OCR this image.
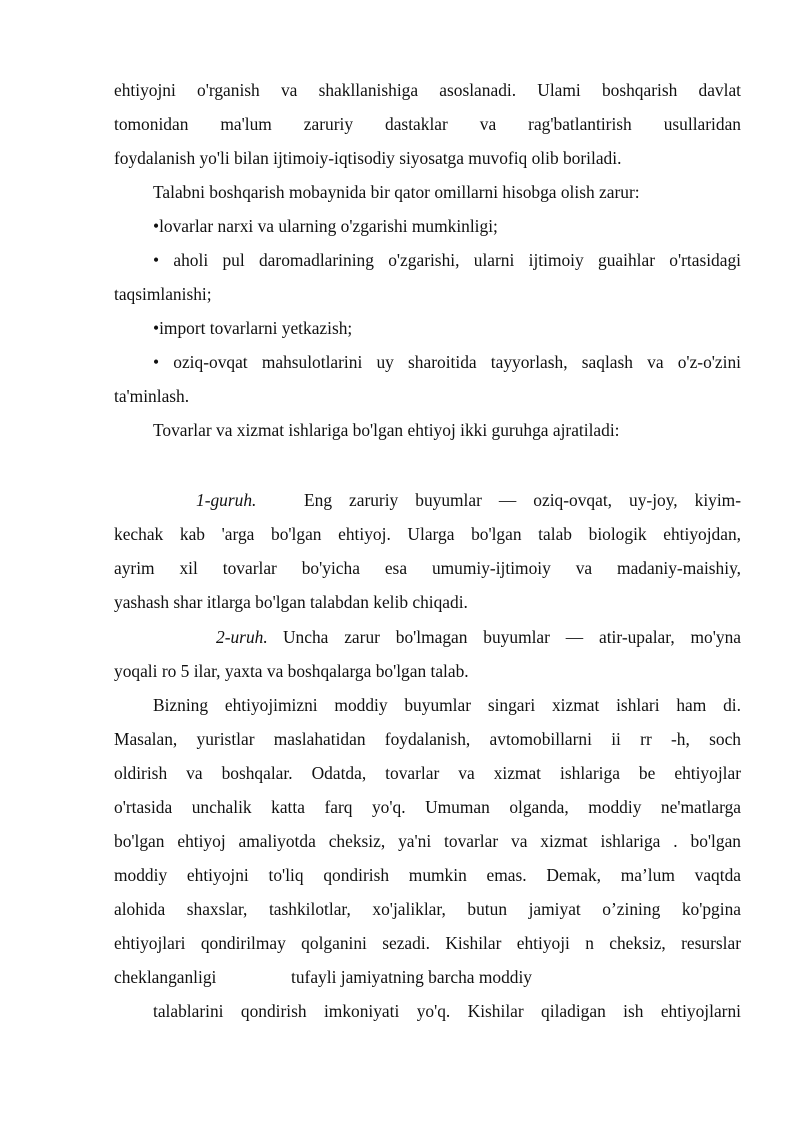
ehtiyojni o'rganish va shakllanishiga asoslanadi. Ulami boshqarish davlat
tomonidan ma'lum zaruriy dastaklar va rag'batlantirish usullaridan
foydalanish yo'li bilan ijtimoiy-iqtisodiy siyosatga muvofiq olib boriladi.
Talabni boshqarish mobaynida bir qator omillarni hisobga olish zarur:
•lovarlar narxi va ularning o'zgarishi mumkinligi;
• aholi pul daromadlarining o'zgarishi, ularni ijtimoiy guaihlar o'rtasidagi
taqsimlanishi;
•import tovarlarni yetkazish;
• oziq-ovqat mahsulotlarini uy sharoitida tayyorlash, saqlash va o'z-o'zini
ta'minlash.
Tovarlar va xizmat ishlariga bo'lgan ehtiyoj ikki guruhga ajratiladi:
1-guruh.	Eng zaruriy buyumlar — oziq-ovqat, uy-joy, kiyim-
kechak kab 'arga bo'lgan ehtiyoj. Ularga bo'lgan talab biologik ehtiyojdan,
ayrim xil tovarlar bo'yicha esa umumiy-ijtimoiy va madaniy-maishiy,
yashash shar itlarga bo'lgan talabdan kelib chiqadi.
2-uruh. Uncha zarur bo'lmagan buyumlar — atir-upalar, mo'yna
yoqali ro 5 ilar, yaxta va boshqalarga bo'lgan talab.
Bizning ehtiyojimizni moddiy buyumlar singari xizmat ishlari ham di.
Masalan, yuristlar maslahatidan foydalanish, avtomobillarni ii rr -h, soch
oldirish va boshqalar. Odatda, tovarlar va xizmat ishlariga be ehtiyojlar
o'rtasida unchalik katta farq yo'q. Umuman olganda, moddiy ne'matlarga
bo'lgan ehtiyoj amaliyotda cheksiz, ya'ni tovarlar va xizmat ishlariga . bo'lgan
moddiy ehtiyojni to'liq qondirish mumkin emas. Demak, ma’lum vaqtda
alohida shaxslar, tashkilotlar, xo'jaliklar, butun jamiyat o’zining ko'pgina
ehtiyojlari qondirilmay qolganini sezadi. Kishilar ehtiyoji n cheksiz, resurslar
cheklanganligi	tufayli jamiyatning barcha moddiy
talablarini qondirish imkoniyati yo'q. Kishilar qiladigan ish ehtiyojlarni
